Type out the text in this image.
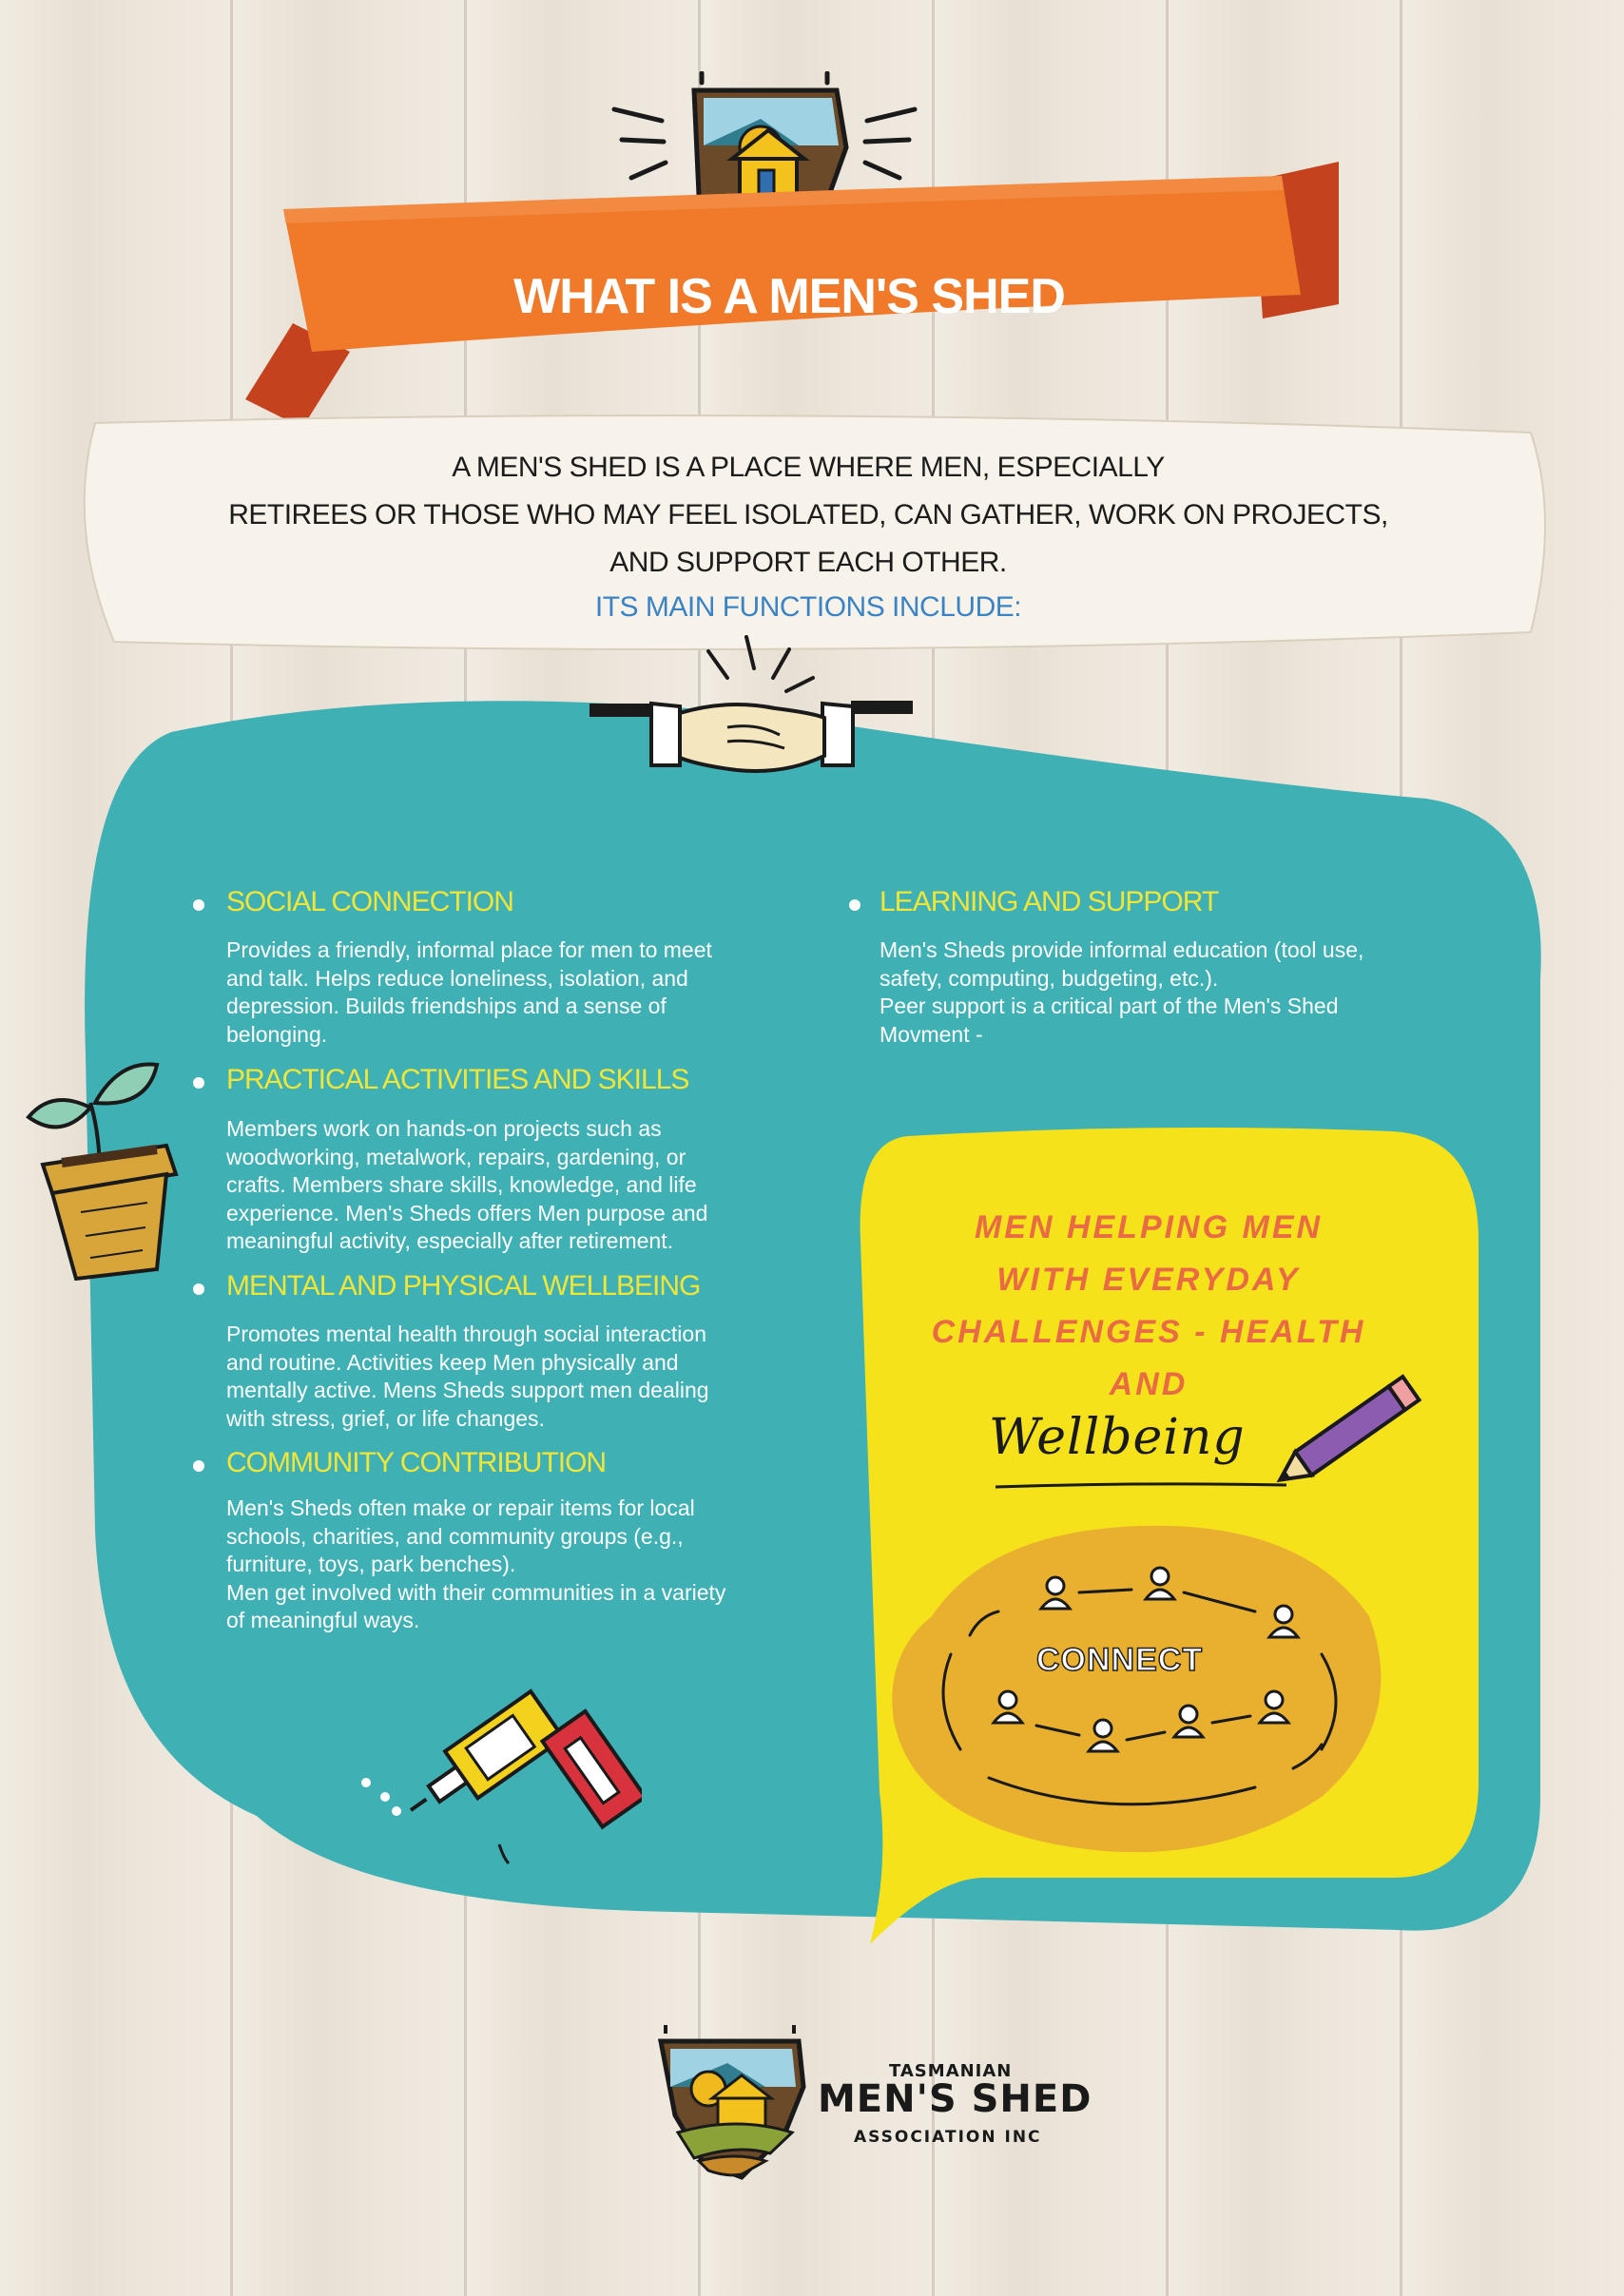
WHAT IS A MEN'S SHED
A MEN'S SHED IS A PLACE WHERE MEN, ESPECIALLY
RETIREES OR THOSE WHO MAY FEEL ISOLATED, CAN GATHER, WORK ON PROJECTS,
AND SUPPORT EACH OTHER.
ITS MAIN FUNCTIONS INCLUDE:
SOCIAL CONNECTION
Provides a friendly, informal place for men to meet
and talk. Helps reduce loneliness, isolation, and
depression. Builds friendships and a sense of
belonging.
PRACTICAL ACTIVITIES AND SKILLS
Members work on hands-on projects such as
woodworking, metalwork, repairs, gardening, or
crafts. Members share skills, knowledge, and life
experience. Men's Sheds offers Men purpose and
meaningful activity, especially after retirement.
MENTAL AND PHYSICAL WELLBEING
Promotes mental health through social interaction
and routine. Activities keep Men physically and
mentally active. Mens Sheds support men dealing
with stress, grief, or life changes.
COMMUNITY CONTRIBUTION
Men's Sheds often make or repair items for local
schools, charities, and community groups (e.g.,
furniture, toys, park benches).
Men get involved with their communities in a variety
of meaningful ways.
LEARNING AND SUPPORT
Men's Sheds provide informal education (tool use,
safety, computing, budgeting, etc.).
Peer support is a critical part of the Men's Shed
Movment -
MEN HELPING MEN
WITH EVERYDAY
CHALLENGES - HEALTH
AND
Wellbeing
CONNECT
TASMANIAN
MEN'S SHED
ASSOCIATION INC
